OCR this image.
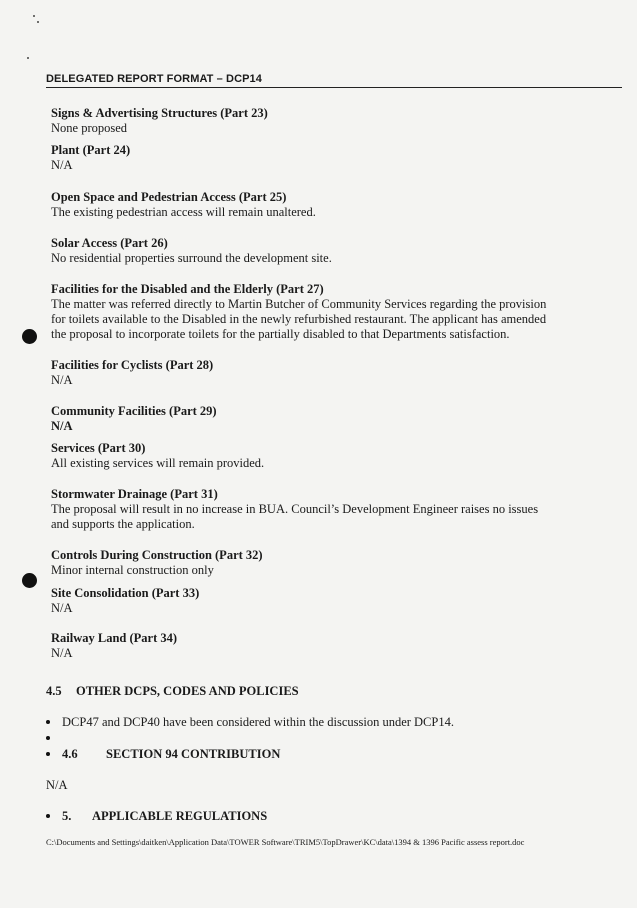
DELEGATED REPORT FORMAT – DCP14
Signs & Advertising Structures (Part 23)
None proposed
Plant (Part 24)
N/A
Open Space and Pedestrian Access (Part 25)
The existing pedestrian access will remain unaltered.
Solar Access (Part 26)
No residential properties surround the development site.
Facilities for the Disabled and the Elderly (Part 27)
The matter was referred directly to Martin Butcher of Community Services regarding the provision
for toilets available to the Disabled in the newly refurbished restaurant. The applicant has amended
the proposal to incorporate toilets for the partially disabled to that Departments satisfaction.
Facilities for Cyclists (Part 28)
N/A
Community Facilities (Part 29)
N/A
Services (Part 30)
All existing services will remain provided.
Stormwater Drainage (Part 31)
The proposal will result in no increase in BUA. Council’s Development Engineer raises no issues
and supports the application.
Controls During Construction (Part 32)
Minor internal construction only
Site Consolidation (Part 33)
N/A
Railway Land (Part 34)
N/A
4.5 OTHER DCPS, CODES AND POLICIES
DCP47 and DCP40 have been considered within the discussion under DCP14.
4.6 SECTION 94 CONTRIBUTION
N/A
5. APPLICABLE REGULATIONS
C:\Documents and Settings\daitken\Application Data\TOWER Software\TRIM5\TopDrawer\KC\data\1394 & 1396 Pacific assess report.doc
